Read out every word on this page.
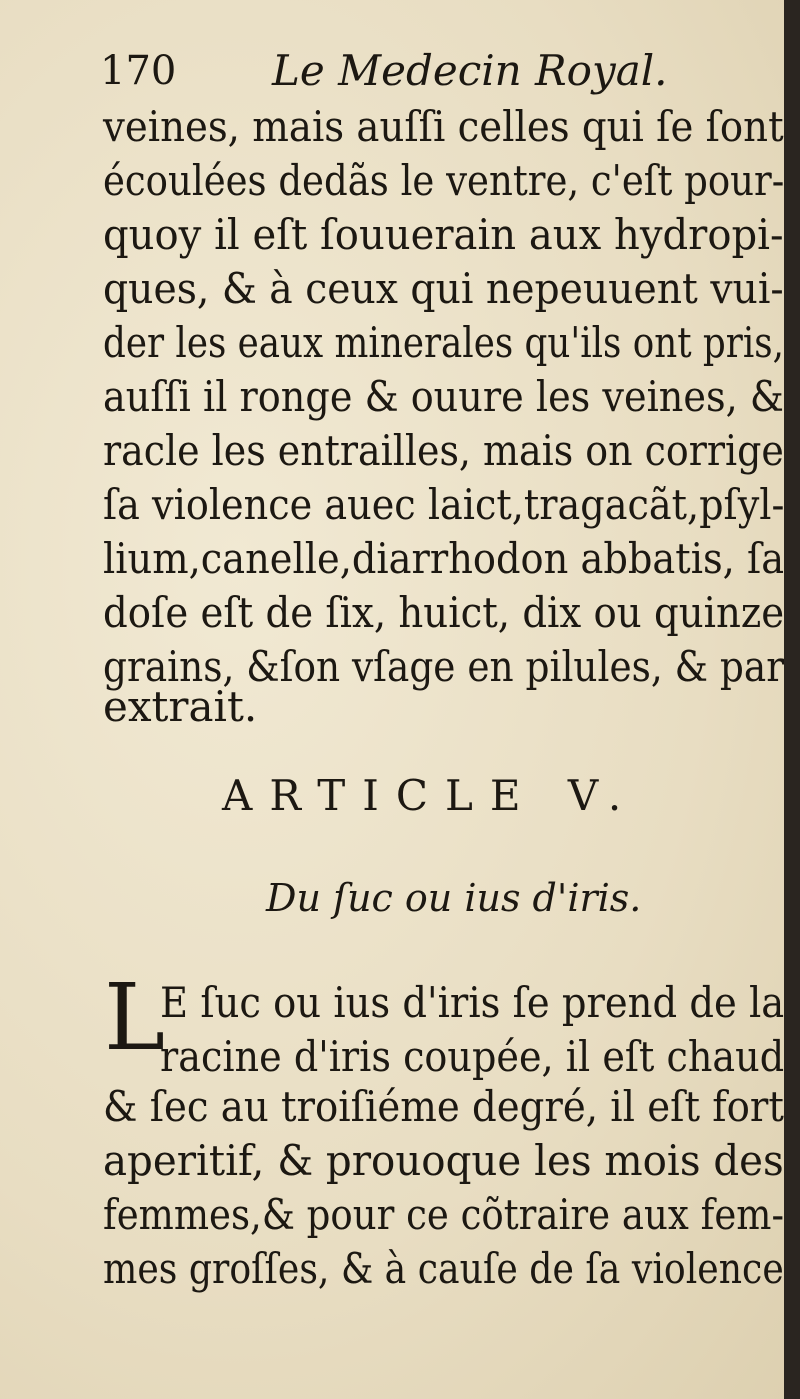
170 Le Medecin Royal.
veines, mais auſſi celles qui ſe ſont
écoulées dedãs le ventre, c'eſt pour-
quoy il eſt ſouuerain aux hydropi-
ques, & à ceux qui nepeuuent vui-
der les eaux minerales qu'ils ont pris,
auſſi il ronge & ouure les veines, &
racle les entrailles, mais on corrige
ſa violence auec laict,tragacãt,pſyl-
lium,canelle,diarrhodon abbatis, ſa
doſe eſt de ſix, huict, dix ou quinze
grains, &ſon vſage en pilules, & par
extrait.
ARTICLE V.
Du ſuc ou ius d'iris.
L
E ſuc ou ius d'iris ſe prend de la
racine d'iris coupée, il eſt chaud
& ſec au troiſiéme degré, il eſt fort
aperitif, & prouoque les mois des
femmes,& pour ce cõtraire aux fem-
mes groſſes, & à cauſe de ſa violence
